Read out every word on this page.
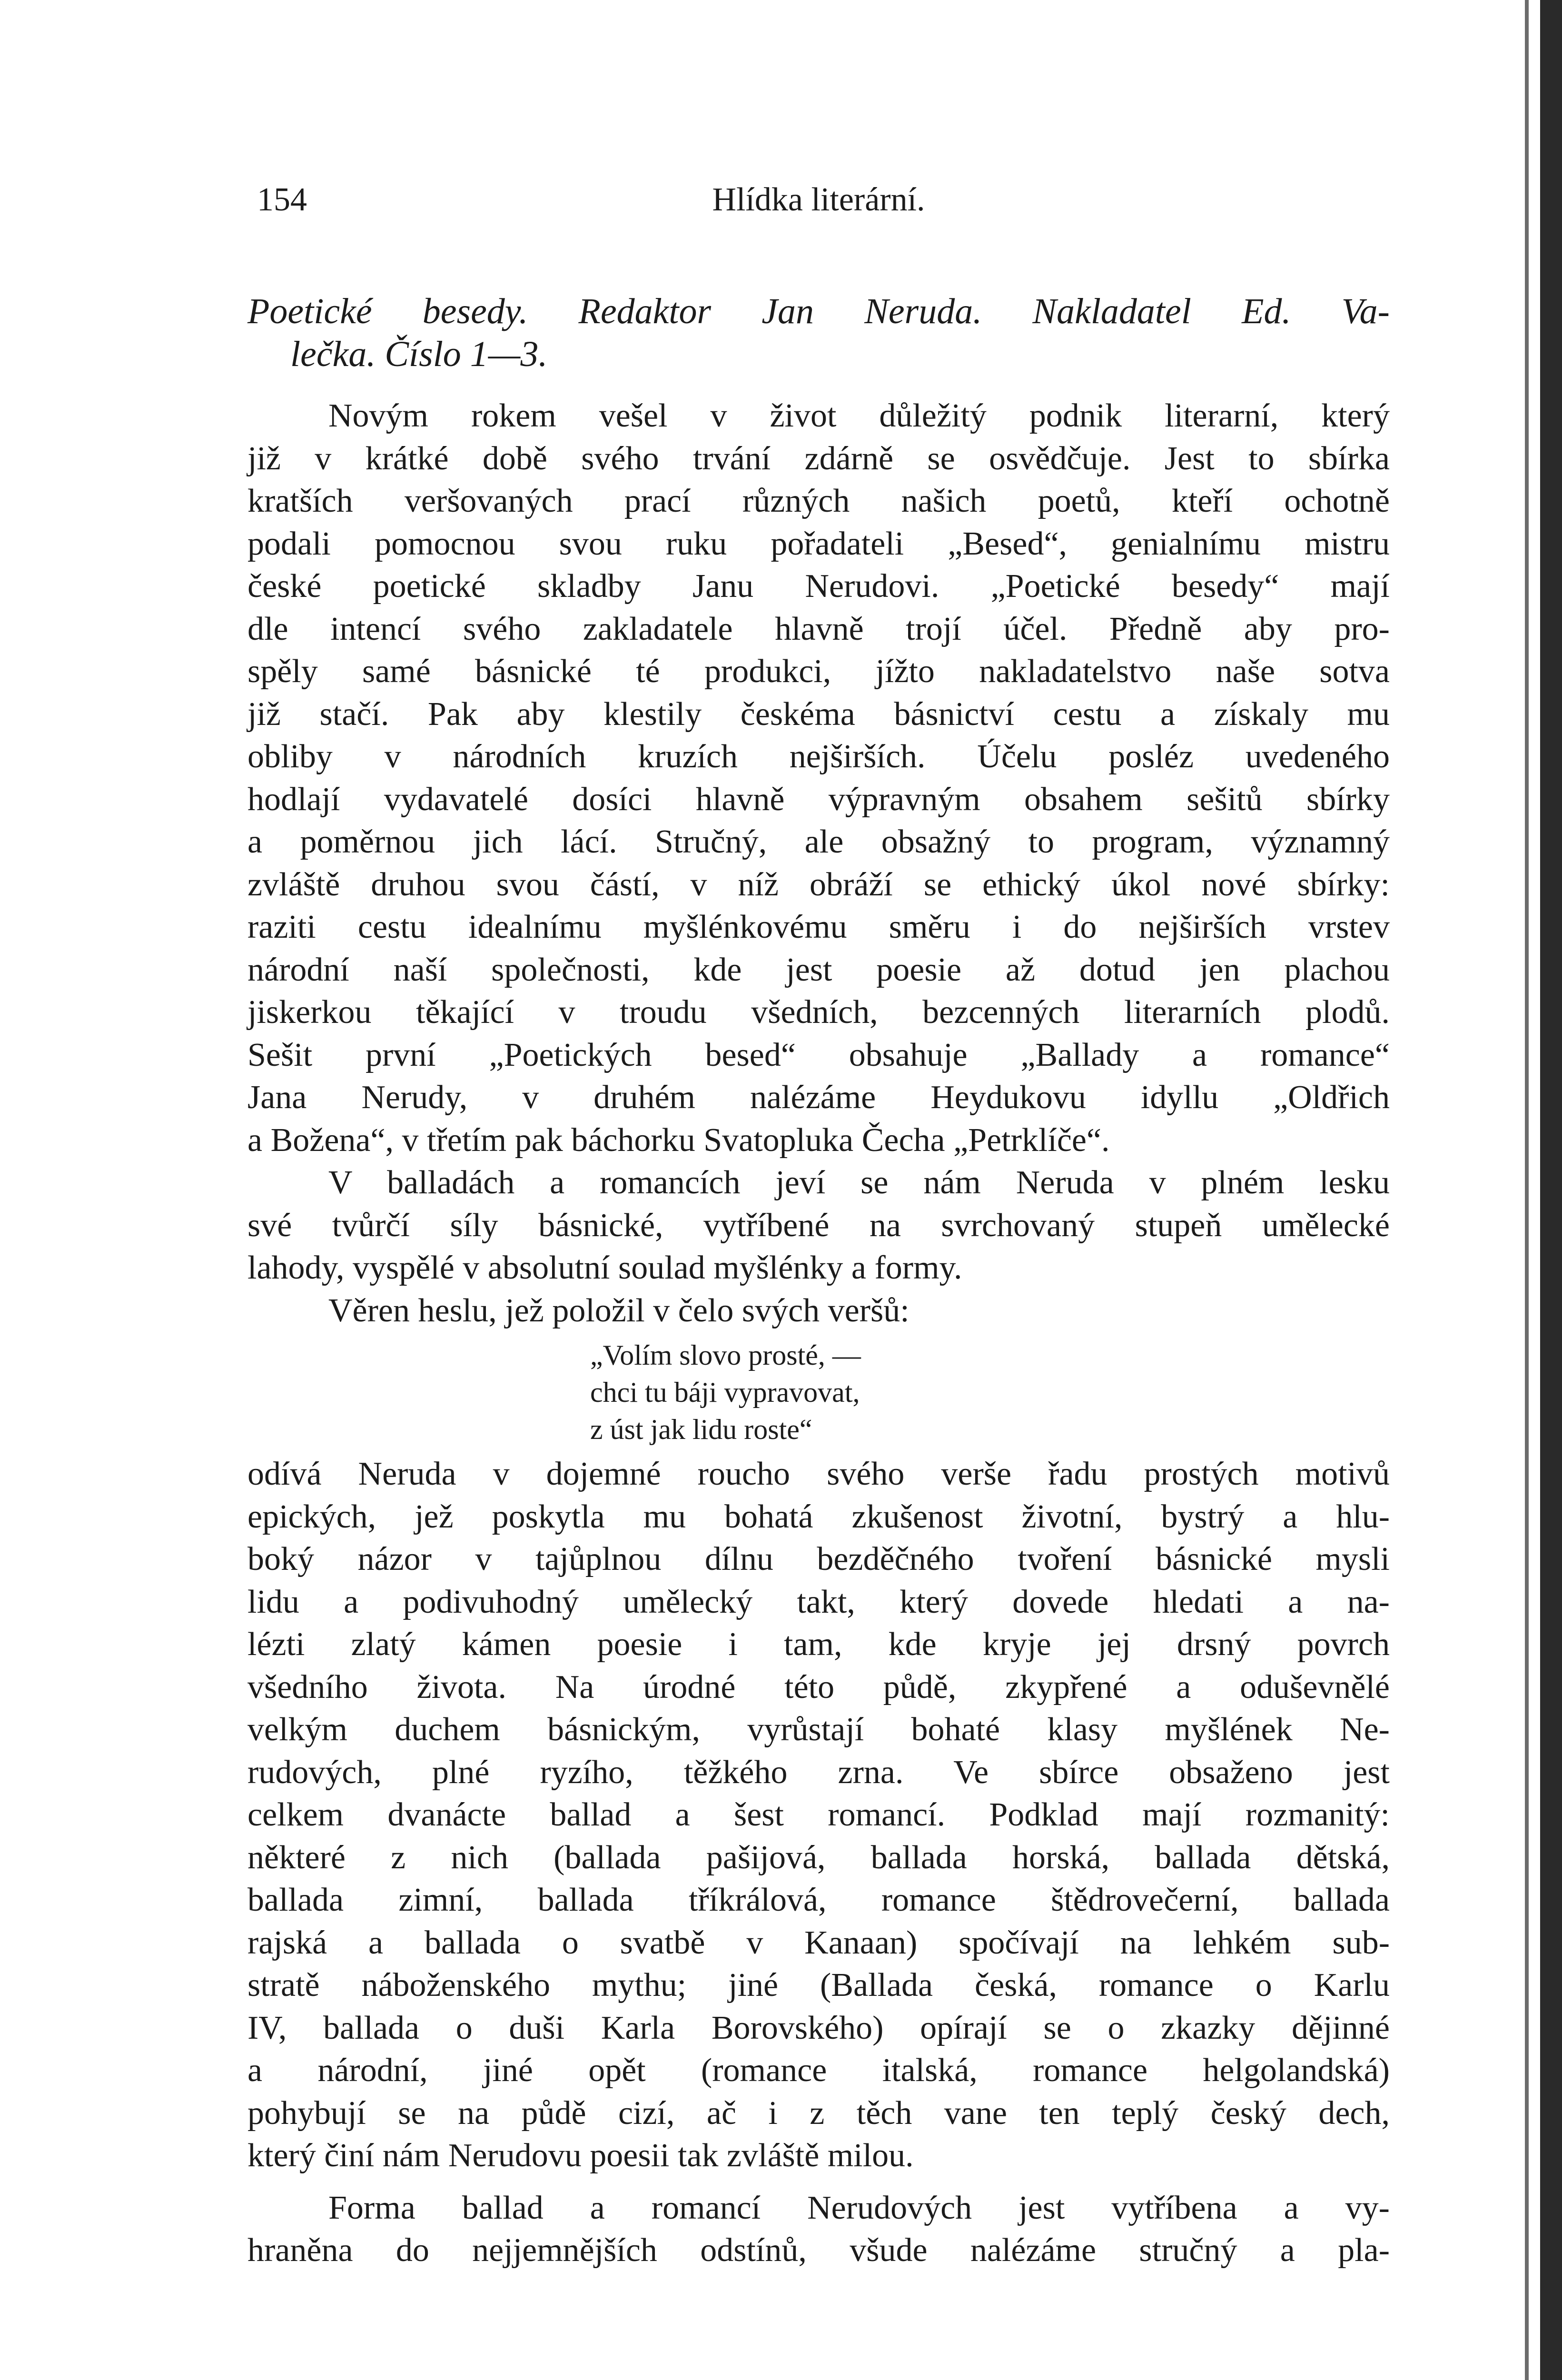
154	Hlídka literární.
Poetické besedy. Redaktor Jan Neruda. Nakladatel Ed. Va-
lečka. Číslo 1—3.
Novým rokem vešel v život důležitý podnik literarní, který
již v krátké době svého trvání zdárně se osvědčuje. Jest to sbírka
kratších veršovaných prací různých našich poetů, kteří ochotně
podali pomocnou svou ruku pořadateli „Besed“, genialnímu mistru
české poetické skladby Janu Nerudovi. „Poetické besedy“ mají
dle intencí svého zakladatele hlavně trojí účel. Předně aby pro-
spěly samé básnické té produkci, jížto nakladatelstvo naše sotva
již stačí. Pak aby klestily českéma básnictví cestu a získaly mu
obliby v národních kruzích nejširších. Účelu posléz uvedeného
hodlají vydavatelé dosíci hlavně výpravným obsahem sešitů sbírky
a poměrnou jich lácí. Stručný, ale obsažný to program, významný
zvláště druhou svou částí, v níž obráží se ethický úkol nové sbírky:
raziti cestu idealnímu myšlénkovému směru i do nejširších vrstev
národní naší společnosti, kde jest poesie až dotud jen plachou
jiskerkou těkající v troudu všedních, bezcenných literarních plodů.
Sešit první „Poetických besed“ obsahuje „Ballady a romance“
Jana Nerudy, v druhém nalézáme Heydukovu idyllu „Oldřich
a Božena“, v třetím pak báchorku Svatopluka Čecha „Petrklíče“.
V balladách a romancích jeví se nám Neruda v plném lesku
své tvůrčí síly básnické, vytříbené na svrchovaný stupeň umělecké
lahody, vyspělé v absolutní soulad myšlénky a formy.
Věren heslu, jež položil v čelo svých veršů:
„Volím slovo prosté, —
chci tu báji vypravovat,
z úst jak lidu roste“
odívá Neruda v dojemné roucho svého verše řadu prostých motivů
epických, jež poskytla mu bohatá zkušenost životní, bystrý a hlu-
boký názor v tajůplnou dílnu bezděčného tvoření básnické mysli
lidu a podivuhodný umělecký takt, který dovede hledati a na-
lézti zlatý kámen poesie i tam, kde kryje jej drsný povrch
všedního života. Na úrodné této půdě, zkypřené a oduševnělé
velkým duchem básnickým, vyrůstají bohaté klasy myšlének Ne-
rudových, plné ryzího, těžkého zrna. Ve sbírce obsaženo jest
celkem dvanácte ballad a šest romancí. Podklad mají rozmanitý:
některé z nich (ballada pašijová, ballada horská, ballada dětská,
ballada zimní, ballada tříkrálová, romance štědrovečerní, ballada
rajská a ballada o svatbě v Kanaan) spočívají na lehkém sub-
stratě náboženského mythu; jiné (Ballada česká, romance o Karlu
IV, ballada o duši Karla Borovského) opírají se o zkazky dějinné
a národní, jiné opět (romance italská, romance helgolandská)
pohybují se na půdě cizí, ač i z těch vane ten teplý český dech,
který činí nám Nerudovu poesii tak zvláště milou.
Forma ballad a romancí Nerudových jest vytříbena a vy-
hraněna do nejjemnějších odstínů, všude nalézáme stručný a pla-
